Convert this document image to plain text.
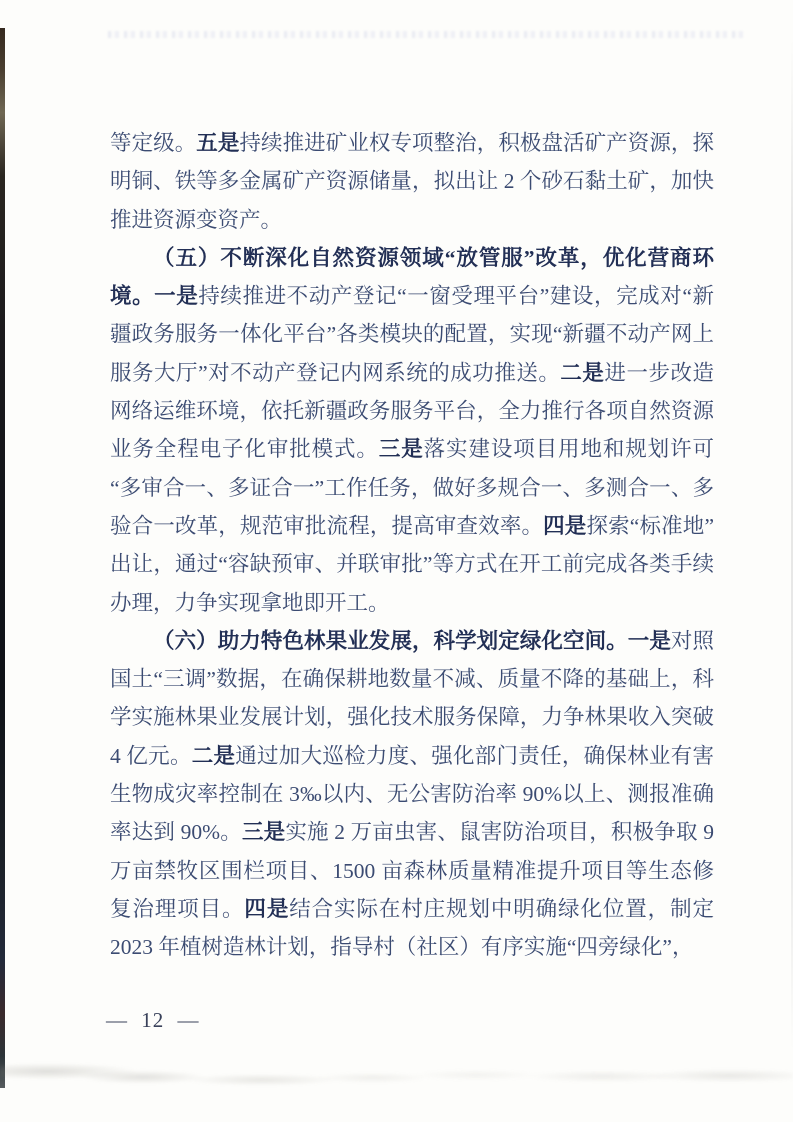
等定级。五是持续推进矿业权专项整治，积极盘活矿产资源，探明铜、铁等多金属矿产资源储量，拟出让 2 个砂石黏土矿，加快推进资源变资产。

（五）不断深化自然资源领域“放管服”改革，优化营商环境。一是持续推进不动产登记“一窗受理平台”建设，完成对“新疆政务服务一体化平台”各类模块的配置，实现“新疆不动产网上服务大厅”对不动产登记内网系统的成功推送。二是进一步改造网络运维环境，依托新疆政务服务平台，全力推行各项自然资源业务全程电子化审批模式。三是落实建设项目用地和规划许可“多审合一、多证合一”工作任务，做好多规合一、多测合一、多验合一改革，规范审批流程，提高审查效率。四是探索“标准地”出让，通过“容缺预审、并联审批”等方式在开工前完成各类手续办理，力争实现拿地即开工。

（六）助力特色林果业发展，科学划定绿化空间。一是对照国土“三调”数据，在确保耕地数量不减、质量不降的基础上，科学实施林果业发展计划，强化技术服务保障，力争林果收入突破 4 亿元。二是通过加大巡检力度、强化部门责任，确保林业有害生物成灾率控制在 3‰以内、无公害防治率 90%以上、测报准确率达到 90%。三是实施 2 万亩虫害、鼠害防治项目，积极争取 9 万亩禁牧区围栏项目、1500 亩森林质量精准提升项目等生态修复治理项目。四是结合实际在村庄规划中明确绿化位置，制定 2023 年植树造林计划，指导村（社区）有序实施“四旁绿化”，

— 12 —
